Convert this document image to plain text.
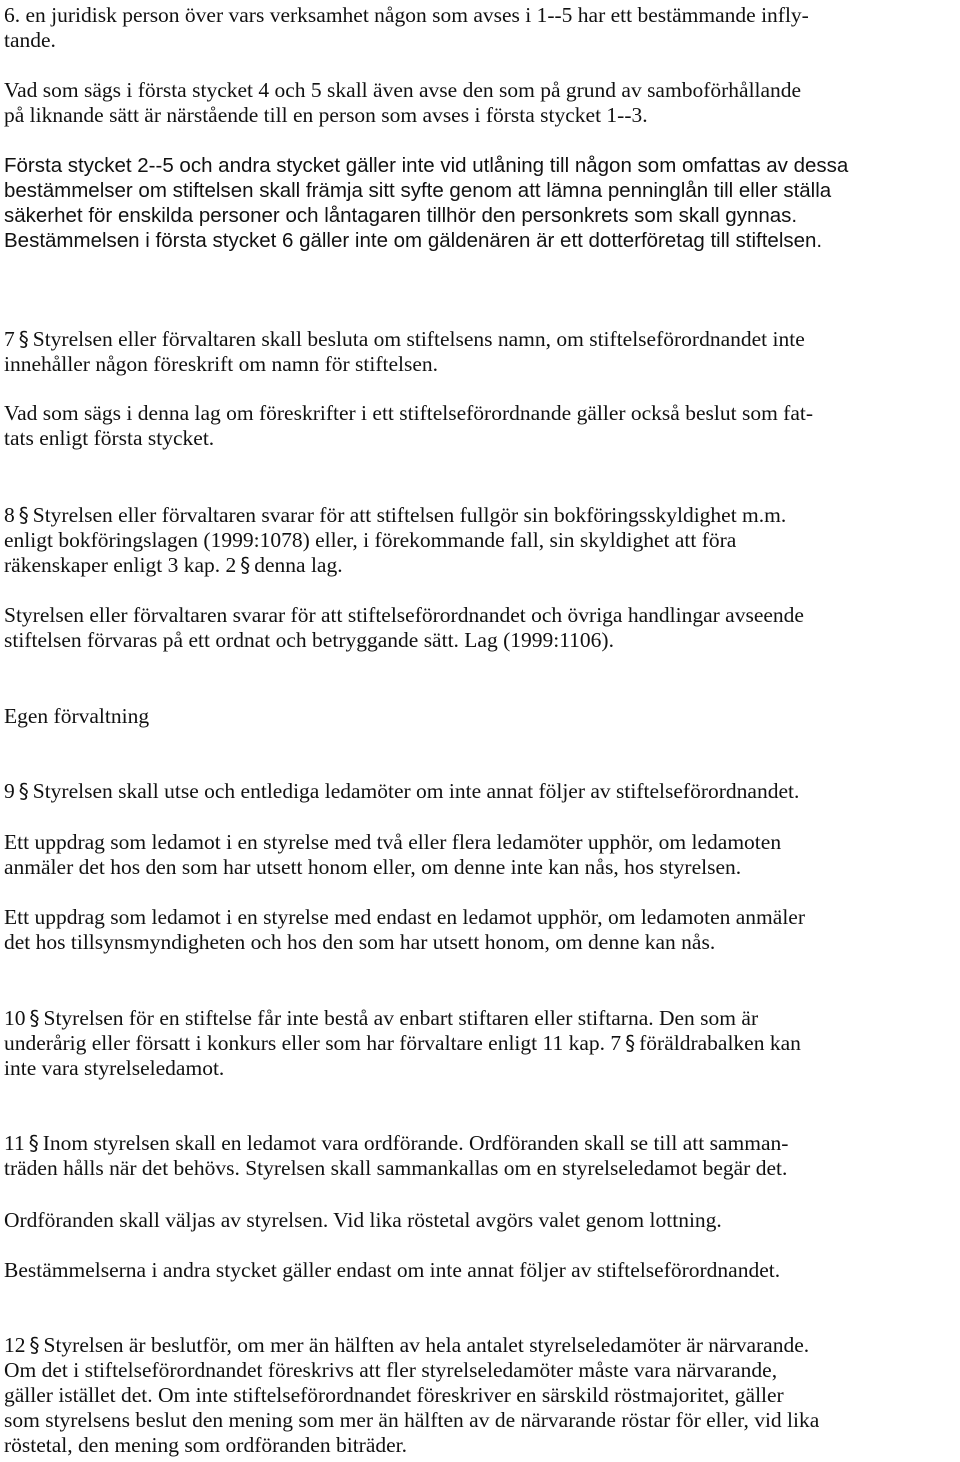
6. en juridisk person över vars verksamhet någon som avses i 1--5 har ett bestämmande infly-
tande.
Vad som sägs i första stycket 4 och 5 skall även avse den som på grund av samboförhållande
på liknande sätt är närstående till en person som avses i första stycket 1--3.
Första stycket 2--5 och andra stycket gäller inte vid utlåning till någon som omfattas av dessa
bestämmelser om stiftelsen skall främja sitt syfte genom att lämna penninglån till eller ställa
säkerhet för enskilda personer och låntagaren tillhör den personkrets som skall gynnas.
Bestämmelsen i första stycket 6 gäller inte om gäldenären är ett dotterföretag till stiftelsen.
7 § Styrelsen eller förvaltaren skall besluta om stiftelsens namn, om stiftelseförordnandet inte
innehåller någon föreskrift om namn för stiftelsen.
Vad som sägs i denna lag om föreskrifter i ett stiftelseförordnande gäller också beslut som fat-
tats enligt första stycket.
8 § Styrelsen eller förvaltaren svarar för att stiftelsen fullgör sin bokföringsskyldighet m.m.
enligt bokföringslagen (1999:1078) eller, i förekommande fall, sin skyldighet att föra
räkenskaper enligt 3 kap. 2 § denna lag.
Styrelsen eller förvaltaren svarar för att stiftelseförordnandet och övriga handlingar avseende
stiftelsen förvaras på ett ordnat och betryggande sätt. Lag (1999:1106).
Egen förvaltning
9 § Styrelsen skall utse och entlediga ledamöter om inte annat följer av stiftelseförordnandet.
Ett uppdrag som ledamot i en styrelse med två eller flera ledamöter upphör, om ledamoten
anmäler det hos den som har utsett honom eller, om denne inte kan nås, hos styrelsen.
Ett uppdrag som ledamot i en styrelse med endast en ledamot upphör, om ledamoten anmäler
det hos tillsynsmyndigheten och hos den som har utsett honom, om denne kan nås.
10 § Styrelsen för en stiftelse får inte bestå av enbart stiftaren eller stiftarna. Den som är
underårig eller försatt i konkurs eller som har förvaltare enligt 11 kap. 7 § föräldrabalken kan
inte vara styrelseledamot.
11 § Inom styrelsen skall en ledamot vara ordförande. Ordföranden skall se till att samman-
träden hålls när det behövs. Styrelsen skall sammankallas om en styrelseledamot begär det.
Ordföranden skall väljas av styrelsen. Vid lika röstetal avgörs valet genom lottning.
Bestämmelserna i andra stycket gäller endast om inte annat följer av stiftelseförordnandet.
12 § Styrelsen är beslutför, om mer än hälften av hela antalet styrelseledamöter är närvarande.
Om det i stiftelseförordnandet föreskrivs att fler styrelseledamöter måste vara närvarande,
gäller istället det. Om inte stiftelseförordnandet föreskriver en särskild röstmajoritet, gäller
som styrelsens beslut den mening som mer än hälften av de närvarande röstar för eller, vid lika
röstetal, den mening som ordföranden biträder.
